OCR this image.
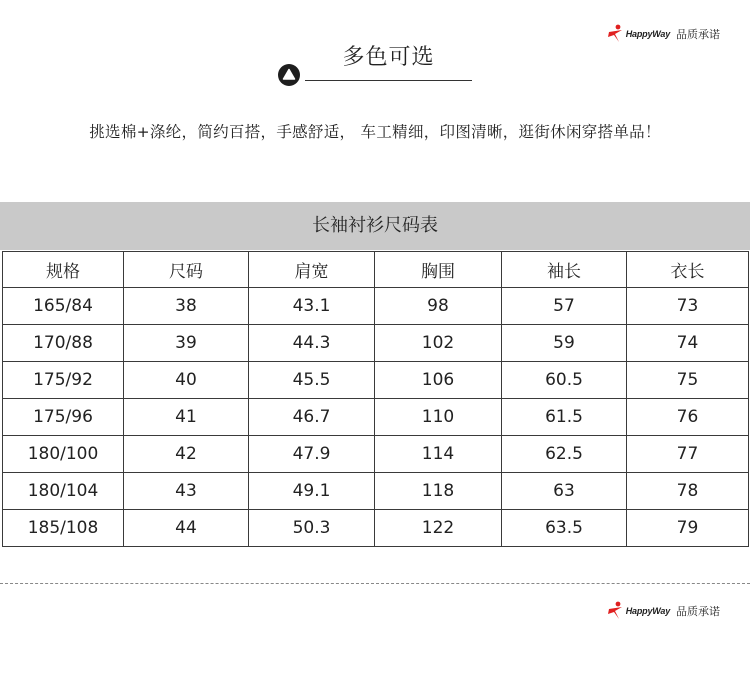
HappyWay 品质承诺
多色可选
挑选棉+涤纶，简约百搭，手感舒适， 车工精细，印图清晰，逛街休闲穿搭单品！
长袖衬衫尺码表
规格	尺码	肩宽	胸围	袖长	衣长
165/84	38	43.1	98	57	73
170/88	39	44.3	102	59	74
175/92	40	45.5	106	60.5	75
175/96	41	46.7	110	61.5	76
180/100	42	47.9	114	62.5	77
180/104	43	49.1	118	63	78
185/108	44	50.3	122	63.5	79
HappyWay 品质承诺
